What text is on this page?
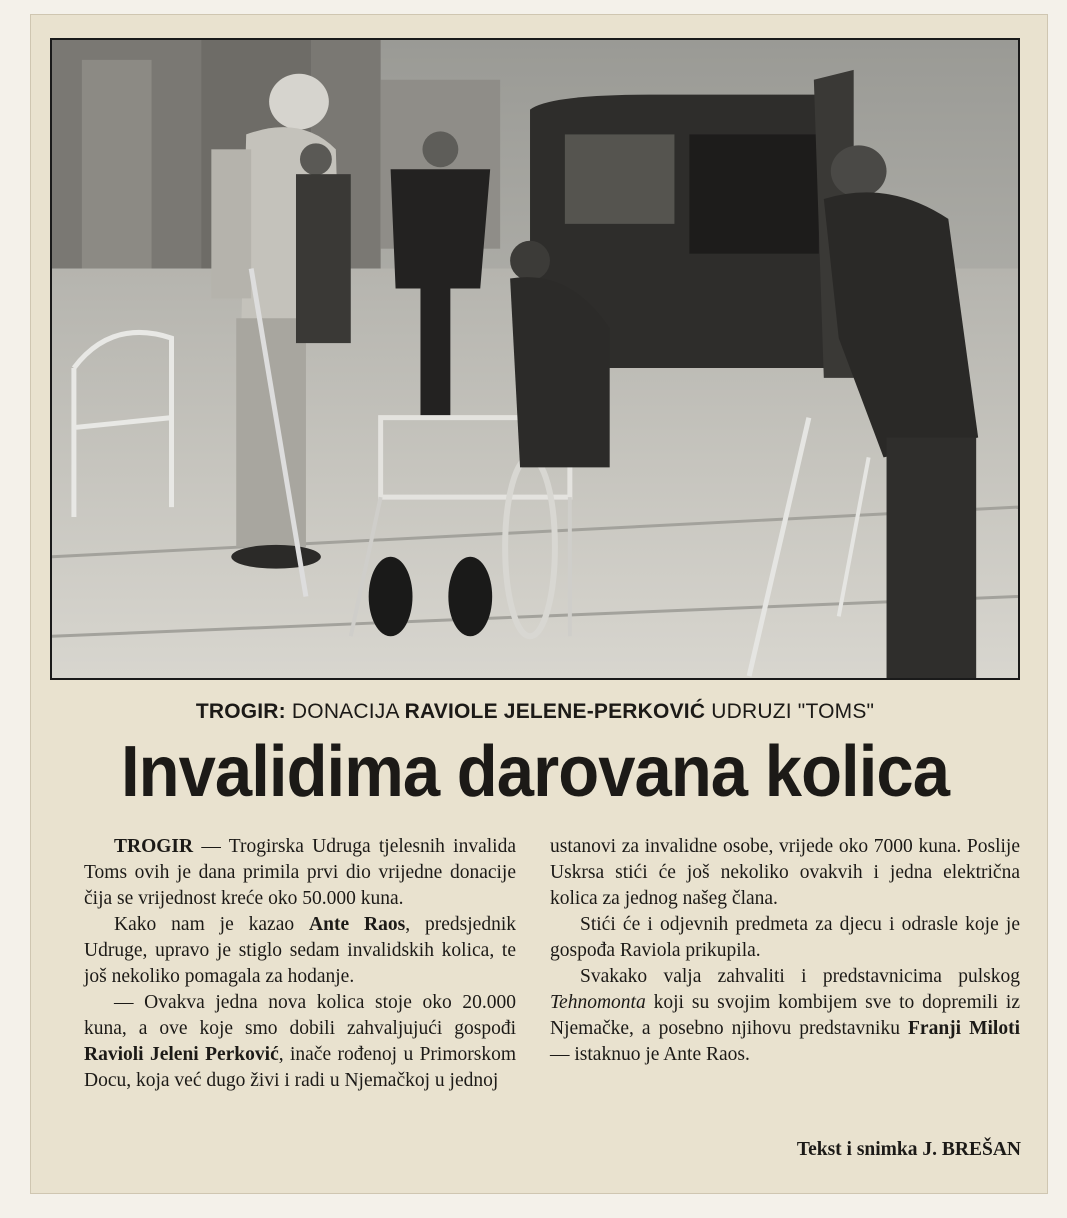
TROGIR: DONACIJA RAVIOLE JELENE-PERKOVIĆ UDRUZI "TOMS"
Invalidima darovana kolica

TROGIR — Trogirska Udruga tjelesnih invalida Toms ovih je dana primila prvi dio vrijedne donacije čija se vrijednost kreće oko 50.000 kuna.

Kako nam je kazao Ante Raos, predsjednik Udruge, upravo je stiglo sedam invalidskih kolica, te još nekoliko pomagala za hodanje.

— Ovakva jedna nova kolica stoje oko 20.000 kuna, a ove koje smo dobili zahvaljujući gospođi Ravioli Jeleni Perković, inače rođenoj u Primorskom Docu, koja već dugo živi i radi u Njemačkoj u jednoj

ustanovi za invalidne osobe, vrijede oko 7000 kuna. Poslije Uskrsa stići će još nekoliko ovakvih i jedna električna kolica za jednog našeg člana.

Stići će i odjevnih predmeta za djecu i odrasle koje je gospođa Raviola prikupila.

Svakako valja zahvaliti i predstavnicima pulskog Tehnomonta koji su svojim kombijem sve to dopremili iz Njemačke, a posebno njihovu predstavniku Franji Miloti — istaknuo je Ante Raos.

Tekst i snimka J. BREŠAN
